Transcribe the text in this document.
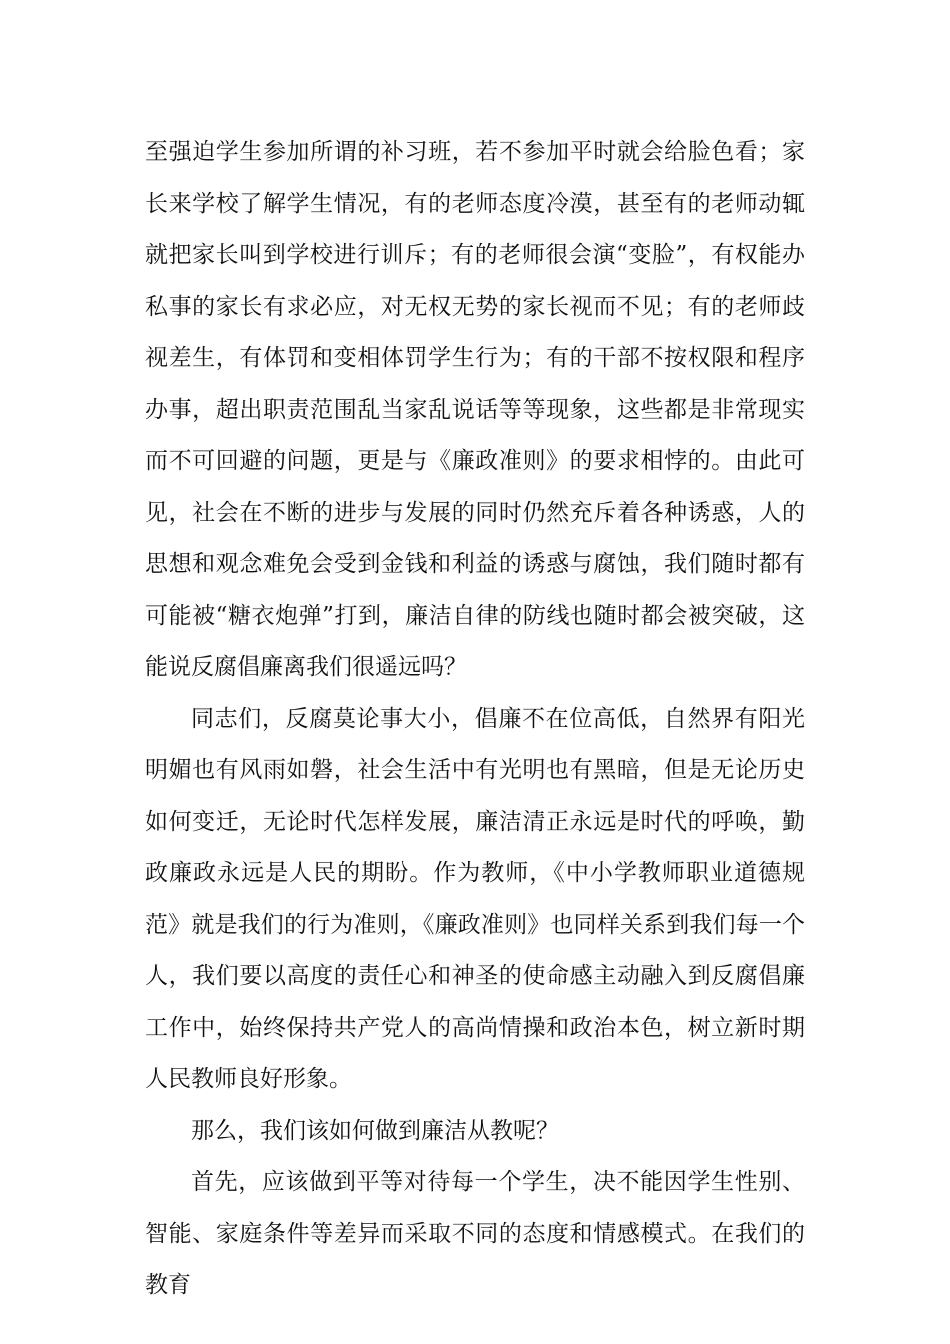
至强迫学生参加所谓的补习班，若不参加平时就会给脸色看；家长来学校了解学生情况，有的老师态度冷漠，甚至有的老师动辄就把家长叫到学校进行训斥；有的老师很会演“变脸”，有权能办私事的家长有求必应，对无权无势的家长视而不见；有的老师歧视差生，有体罚和变相体罚学生行为；有的干部不按权限和程序办事，超出职责范围乱当家乱说话等等现象，这些都是非常现实而不可回避的问题，更是与《廉政准则》的要求相悖的。由此可见，社会在不断的进步与发展的同时仍然充斥着各种诱惑，人的思想和观念难免会受到金钱和利益的诱惑与腐蚀，我们随时都有可能被“糖衣炮弹”打到，廉洁自律的防线也随时都会被突破，这能说反腐倡廉离我们很遥远吗？

同志们，反腐莫论事大小，倡廉不在位高低，自然界有阳光明媚也有风雨如磐，社会生活中有光明也有黑暗，但是无论历史如何变迁，无论时代怎样发展，廉洁清正永远是时代的呼唤，勤政廉政永远是人民的期盼。作为教师，《中小学教师职业道德规范》就是我们的行为准则，《廉政准则》也同样关系到我们每一个人，我们要以高度的责任心和神圣的使命感主动融入到反腐倡廉工作中，始终保持共产党人的高尚情操和政治本色，树立新时期人民教师良好形象。

那么，我们该如何做到廉洁从教呢？

首先，应该做到平等对待每一个学生，决不能因学生性别、智能、家庭条件等差异而采取不同的态度和情感模式。在我们的教育
